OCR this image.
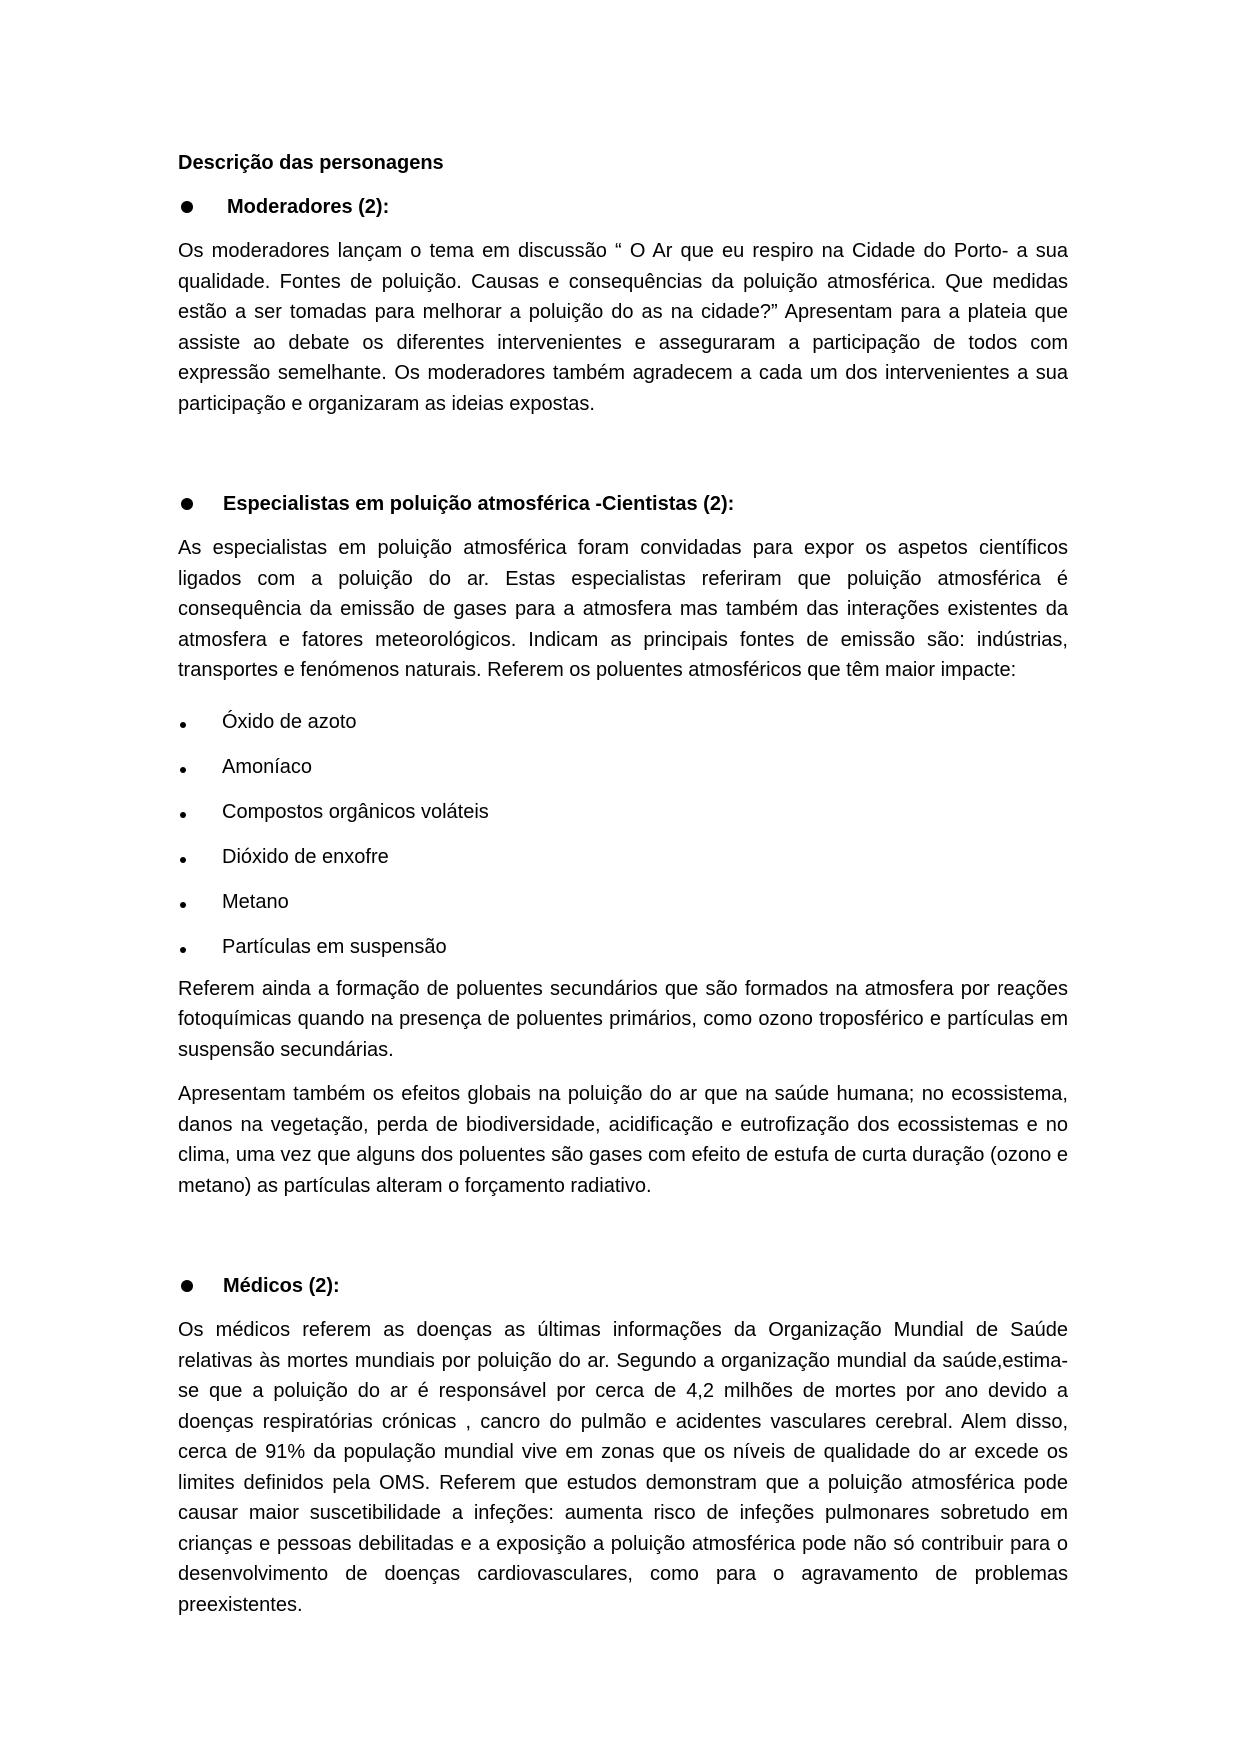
Descrição das personagens
Moderadores (2):

Os moderadores lançam o tema em discussão “ O Ar que eu respiro na Cidade do Porto- a sua qualidade. Fontes de poluição. Causas e consequências da poluição atmosférica. Que medidas estão a ser tomadas para melhorar a poluição do as na cidade?” Apresentam para a plateia que assiste ao debate os diferentes intervenientes e asseguraram a participação de todos com expressão semelhante. Os moderadores também agradecem a cada um dos intervenientes a sua participação e organizaram as ideias expostas.

Especialistas em poluição atmosférica -Cientistas (2):

As especialistas em poluição atmosférica foram convidadas para expor os aspetos científicos ligados com a poluição do ar. Estas especialistas referiram que poluição atmosférica é consequência da emissão de gases para a atmosfera mas também das interações existentes da atmosfera e fatores meteorológicos. Indicam as principais fontes de emissão são: indústrias, transportes e fenómenos naturais. Referem os poluentes atmosféricos que têm maior impacte:

Óxido de azoto
Amoníaco
Compostos orgânicos voláteis
Dióxido de enxofre
Metano
Partículas em suspensão

Referem ainda a formação de poluentes secundários que são formados na atmosfera por reações fotoquímicas quando na presença de poluentes primários, como ozono troposférico e partículas em suspensão secundárias.

Apresentam também os efeitos globais na poluição do ar que na saúde humana; no ecossistema, danos na vegetação, perda de biodiversidade, acidificação e eutrofização dos ecossistemas e no clima, uma vez que alguns dos poluentes são gases com efeito de estufa de curta duração (ozono e metano) as partículas alteram o forçamento radiativo.

Médicos (2):

Os médicos referem as doenças as últimas informações da Organização Mundial de Saúde relativas às mortes mundiais por poluição do ar. Segundo a organização mundial da saúde,estima-se que a poluição do ar é responsável por cerca de 4,2 milhões de mortes por ano devido a doenças respiratórias crónicas , cancro do pulmão e acidentes vasculares cerebral. Alem disso, cerca de 91% da população mundial vive em zonas que os níveis de qualidade do ar excede os limites definidos pela OMS. Referem que estudos demonstram que a poluição atmosférica pode causar maior suscetibilidade a infeções: aumenta risco de infeções pulmonares sobretudo em crianças e pessoas debilitadas e a exposição a poluição atmosférica pode não só contribuir para o desenvolvimento de doenças cardiovasculares, como para o agravamento de problemas preexistentes.
